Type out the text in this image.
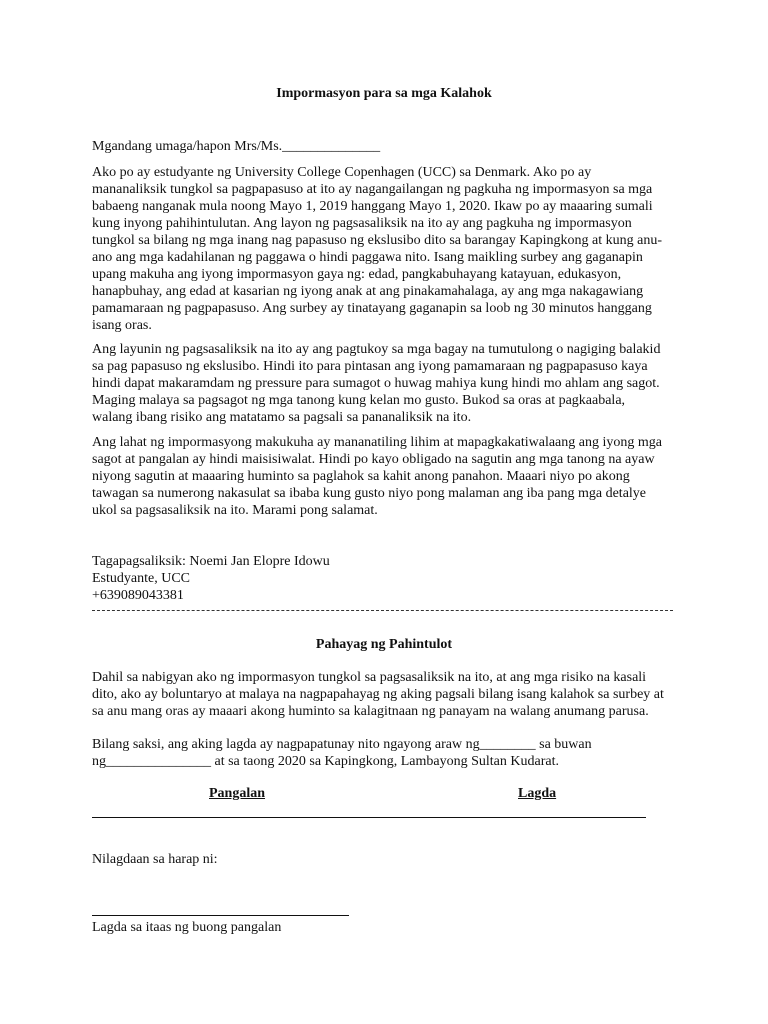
Impormasyon para sa mga Kalahok
Mgandang umaga/hapon Mrs/Ms.______________
Ako po ay estudyante ng University College Copenhagen (UCC) sa Denmark. Ako po ay
mananaliksik tungkol sa pagpapasuso at ito ay nagangailangan ng pagkuha ng impormasyon sa mga
babaeng nanganak mula noong Mayo 1, 2019 hanggang Mayo 1, 2020. Ikaw po ay maaaring sumali
kung inyong pahihintulutan. Ang layon ng pagsasaliksik na ito ay ang pagkuha ng impormasyon
tungkol sa bilang ng mga inang nag papasuso ng ekslusibo dito sa barangay Kapingkong at kung anu-
ano ang mga kadahilanan ng paggawa o hindi paggawa nito. Isang maikling surbey ang gaganapin
upang makuha ang iyong impormasyon gaya ng: edad, pangkabuhayang katayuan, edukasyon,
hanapbuhay, ang edad at kasarian ng iyong anak at ang pinakamahalaga, ay ang mga nakagawiang
pamamaraan ng pagpapasuso. Ang surbey ay tinatayang gaganapin sa loob ng 30 minutos hanggang
isang oras.
Ang layunin ng pagsasaliksik na ito ay ang pagtukoy sa mga bagay na tumutulong o nagiging balakid
sa pag papasuso ng ekslusibo. Hindi ito para pintasan ang iyong pamamaraan ng pagpapasuso kaya
hindi dapat makaramdam ng pressure para sumagot o huwag mahiya kung hindi mo ahlam ang sagot.
Maging malaya sa pagsagot ng mga tanong kung kelan mo gusto. Bukod sa oras at pagkaabala,
walang ibang risiko ang matatamo sa pagsali sa pananaliksik na ito.
Ang lahat ng impormasyong makukuha ay mananatiling lihim at mapagkakatiwalaang ang iyong mga
sagot at pangalan ay hindi maisisiwalat. Hindi po kayo obligado na sagutin ang mga tanong na ayaw
niyong sagutin at maaaring huminto sa paglahok sa kahit anong panahon. Maaari niyo po akong
tawagan sa numerong nakasulat sa ibaba kung gusto niyo pong malaman ang iba pang mga detalye
ukol sa pagsasaliksik na ito. Marami pong salamat.
Tagapagsaliksik: Noemi Jan Elopre Idowu
Estudyante, UCC
+639089043381
Pahayag ng Pahintulot
Dahil sa nabigyan ako ng impormasyon tungkol sa pagsasaliksik na ito, at ang mga risiko na kasali
dito, ako ay boluntaryo at malaya na nagpapahayag ng aking pagsali bilang isang kalahok sa surbey at
sa anu mang oras ay maaari akong huminto sa kalagitnaan ng panayam na walang anumang parusa.
Bilang saksi, ang aking lagda ay nagpapatunay nito ngayong araw ng________ sa buwan
ng_______________ at sa taong 2020 sa Kapingkong, Lambayong Sultan Kudarat.
Pangalan	Lagda
Nilagdaan sa harap ni:
Lagda sa itaas ng buong pangalan
